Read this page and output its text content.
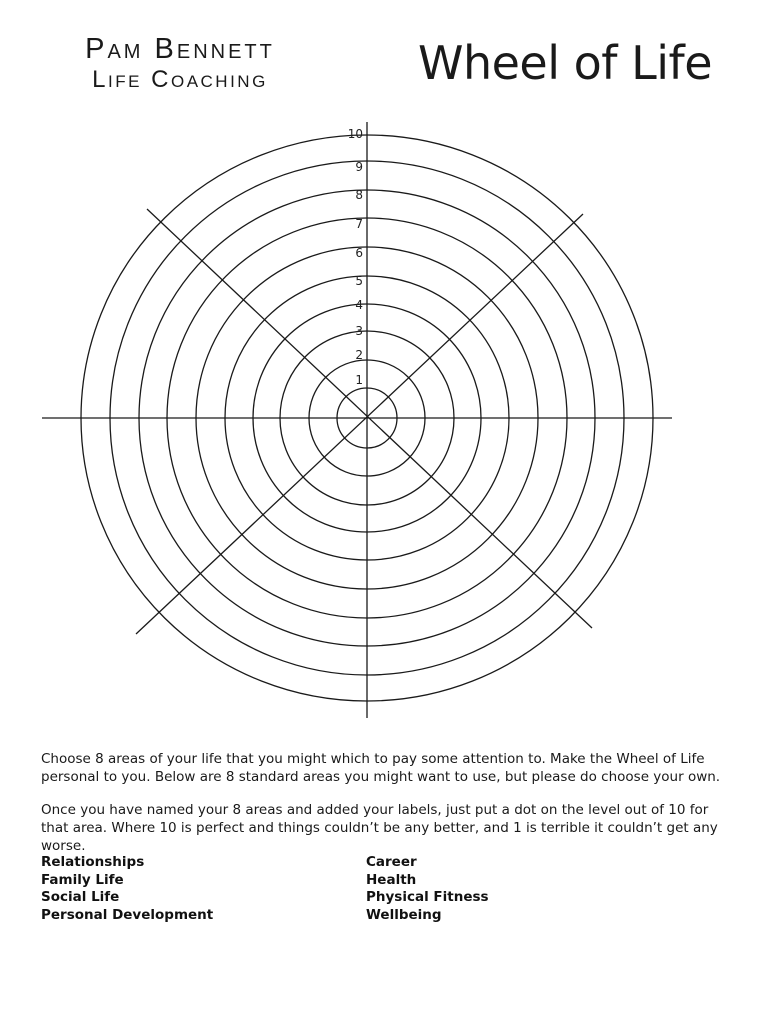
Pam Bennett
Life Coaching	Wheel of Life
1
2
3
4
5
6
7
8
9
10
Choose 8 areas of your life that you might which to pay some attention to. Make the Wheel of Life personal to you. Below are 8 standard areas you might want to use, but please do choose your own.
Once you have named your 8 areas and added your labels, just put a dot on the level out of 10 for that area. Where 10 is perfect and things couldn’t be any better, and 1 is terrible it couldn’t get any worse.
Relationships
Family Life
Social Life
Personal Development
Career
Health
Physical Fitness
Wellbeing
